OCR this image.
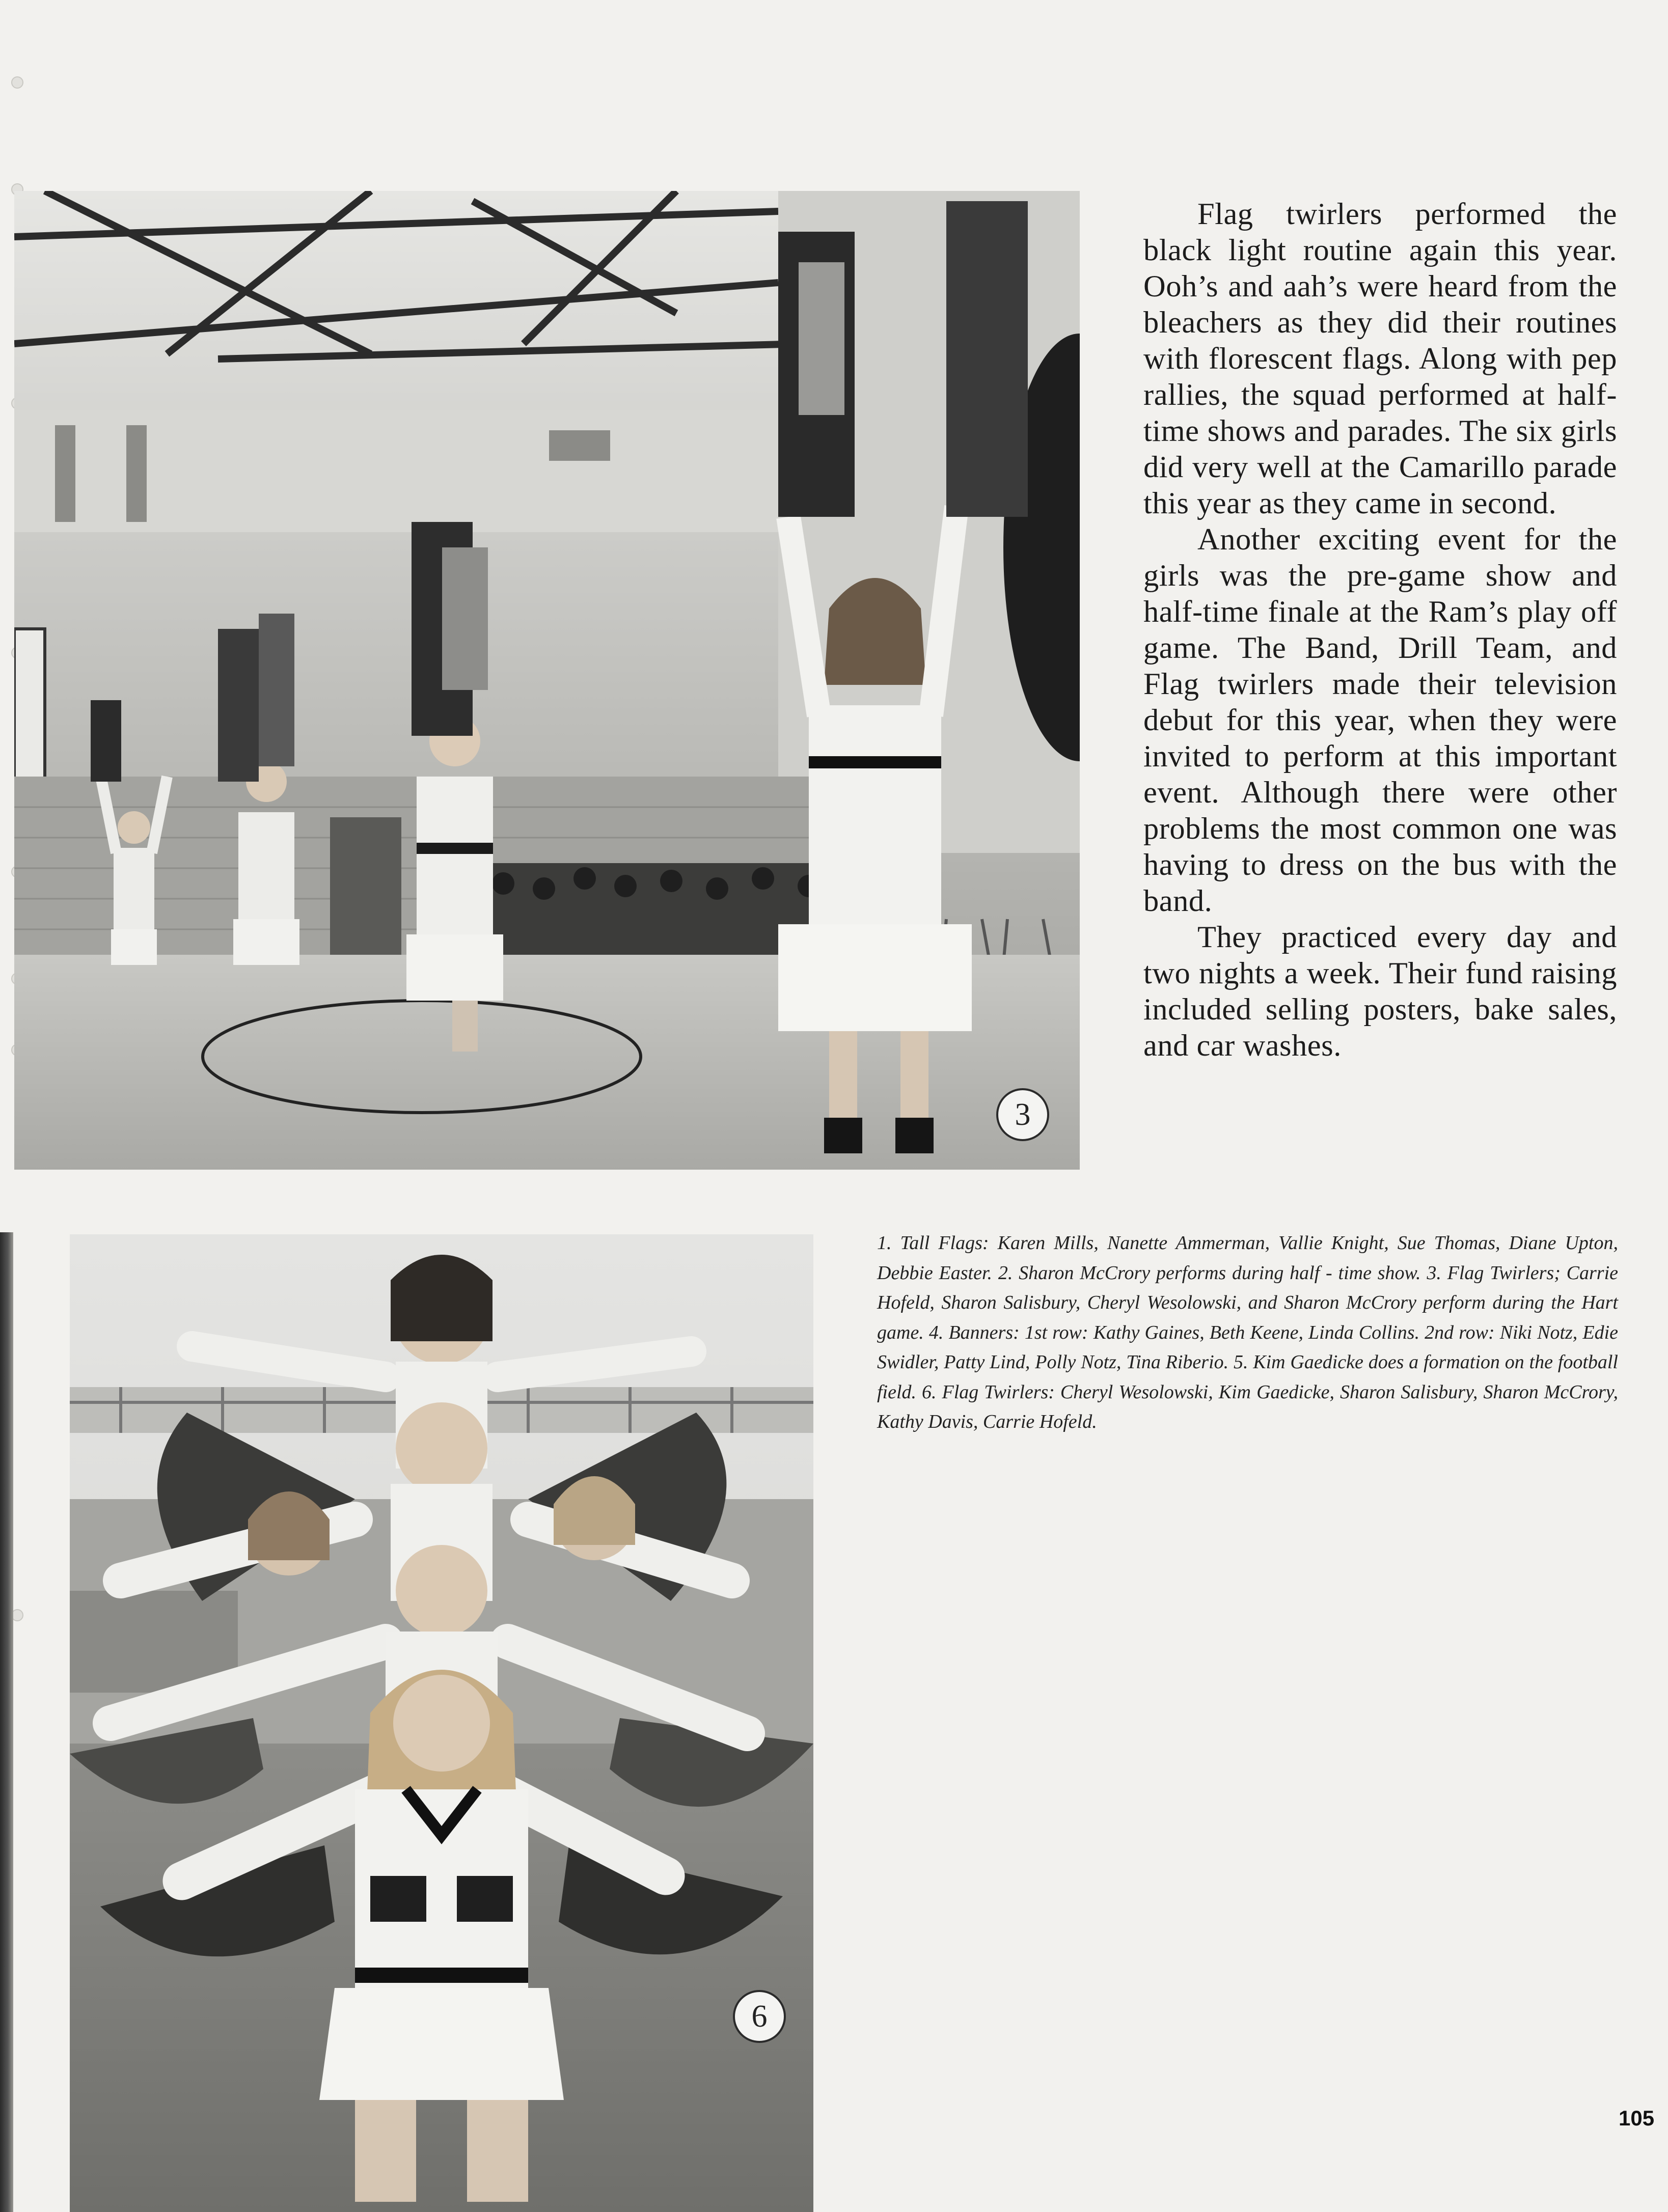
3
6

Flag twirlers performed the black light routine again this year. Ooh’s and aah’s were heard from the bleachers as they did their routines with florescent flags. Along with pep rallies, the squad performed at half-time shows and parades. The six girls did very well at the Camarillo parade this year as they came in second.

Another exciting event for the girls was the pre-game show and half-time finale at the Ram’s play off game. The Band, Drill Team, and Flag twirlers made their television debut for this year, when they were invited to perform at this important event. Although there were other problems the most common one was having to dress on the bus with the band.

They practiced every day and two nights a week. Their fund raising included selling posters, bake sales, and car washes.

1. Tall Flags: Karen Mills, Nanette Ammerman, Vallie Knight, Sue Thomas, Diane Upton, Debbie Easter. 2. Sharon McCrory performs during half - time show. 3. Flag Twirlers; Carrie Hofeld, Sharon Salisbury, Cheryl Wesolowski, and Sharon McCrory perform during the Hart game. 4. Banners: 1st row: Kathy Gaines, Beth Keene, Linda Collins. 2nd row: Niki Notz, Edie Swidler, Patty Lind, Polly Notz, Tina Riberio. 5. Kim Gaedicke does a formation on the football field. 6. Flag Twirlers: Cheryl Wesolowski, Kim Gaedicke, Sharon Salisbury, Sharon McCrory, Kathy Davis, Carrie Hofeld.
105
